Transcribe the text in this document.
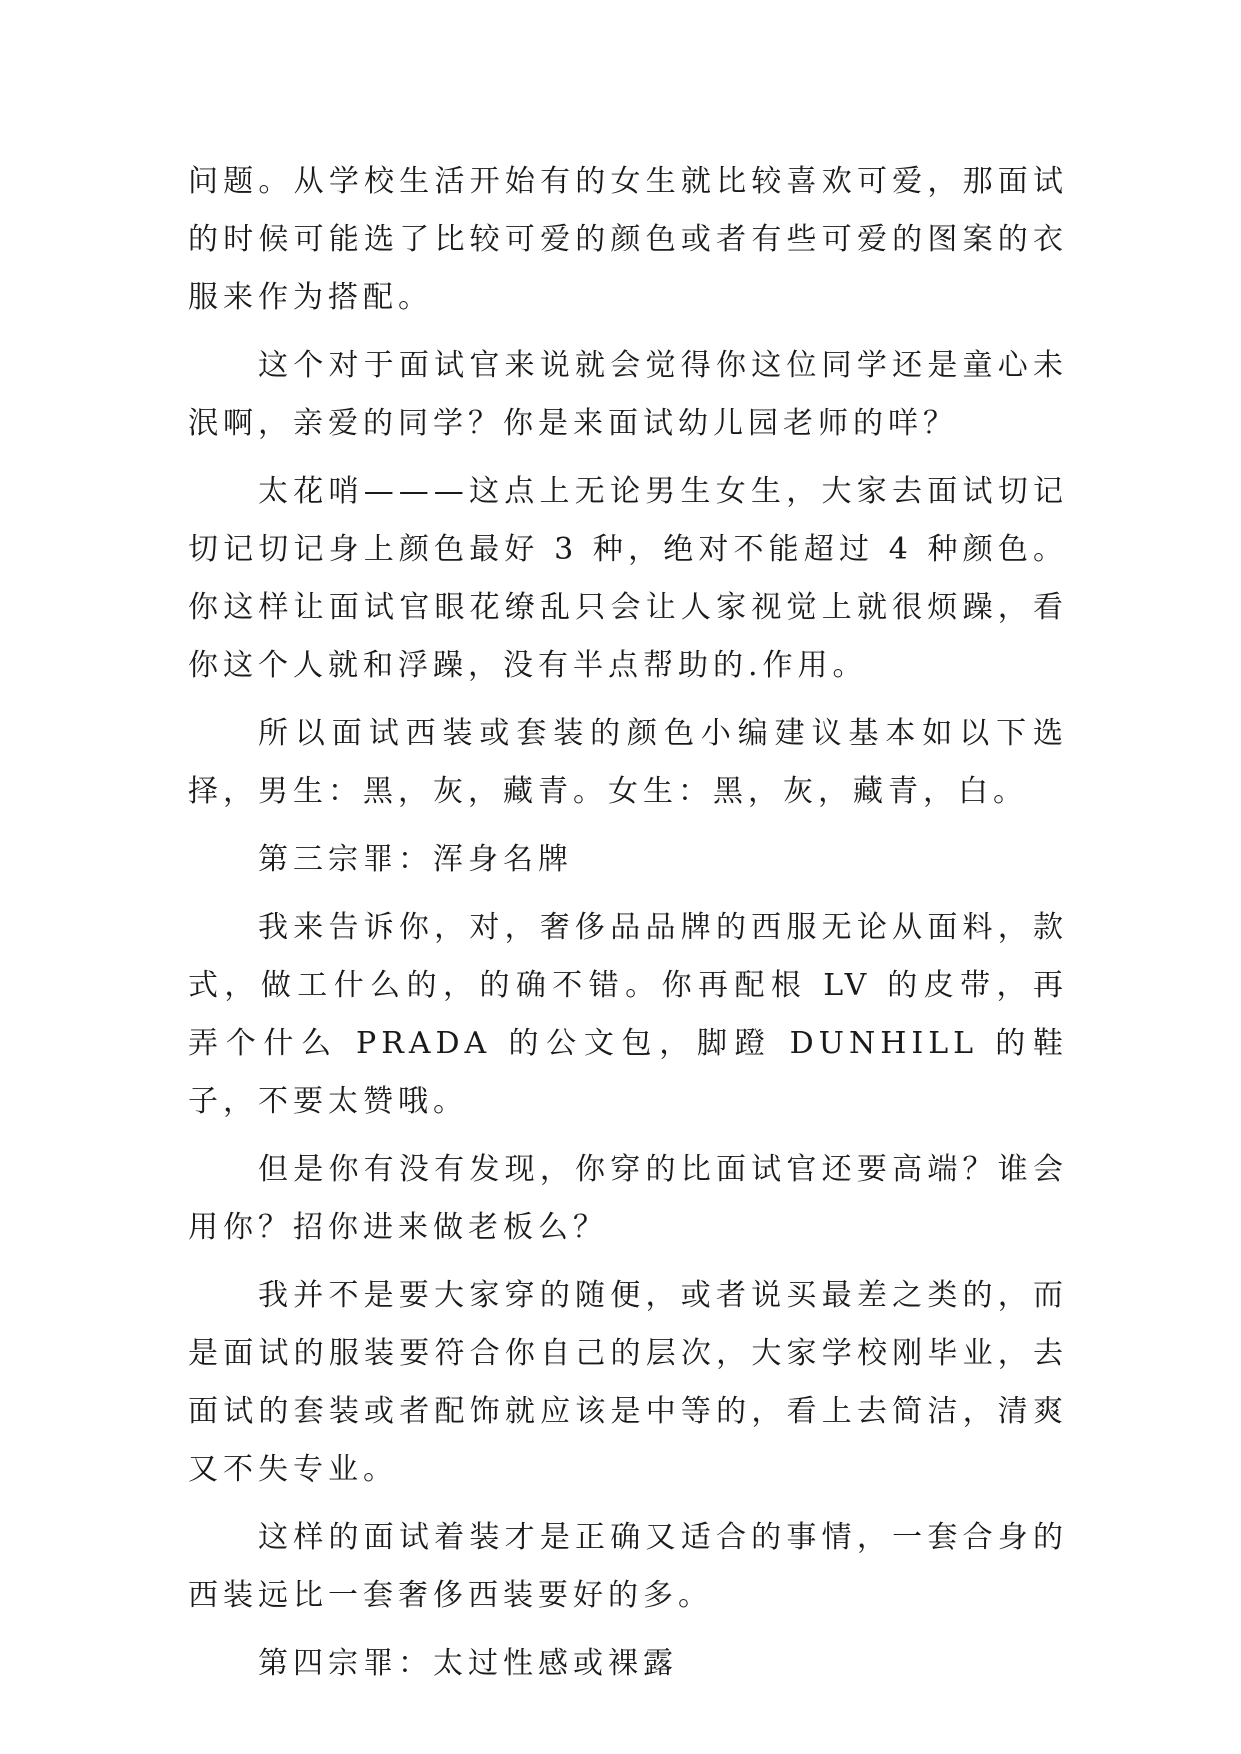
问题。从学校生活开始有的女生就比较喜欢可爱，那面试的时候可能选了比较可爱的颜色或者有些可爱的图案的衣服来作为搭配。

这个对于面试官来说就会觉得你这位同学还是童心未泯啊，亲爱的同学？你是来面试幼儿园老师的咩？

太花哨———这点上无论男生女生，大家去面试切记切记切记身上颜色最好 3 种，绝对不能超过 4 种颜色。你这样让面试官眼花缭乱只会让人家视觉上就很烦躁，看你这个人就和浮躁，没有半点帮助的.作用。

所以面试西装或套装的颜色小编建议基本如以下选择，男生：黑，灰，藏青。女生：黑，灰，藏青，白。

第三宗罪：浑身名牌

我来告诉你，对，奢侈品品牌的西服无论从面料，款式，做工什么的，的确不错。你再配根 LV 的皮带，再弄个什么 PRADA 的公文包，脚蹬 DUNHILL 的鞋子，不要太赞哦。

但是你有没有发现，你穿的比面试官还要高端？谁会用你？招你进来做老板么？

我并不是要大家穿的随便，或者说买最差之类的，而是面试的服装要符合你自己的层次，大家学校刚毕业，去面试的套装或者配饰就应该是中等的，看上去简洁，清爽又不失专业。

这样的面试着装才是正确又适合的事情，一套合身的西装远比一套奢侈西装要好的多。

第四宗罪：太过性感或裸露
